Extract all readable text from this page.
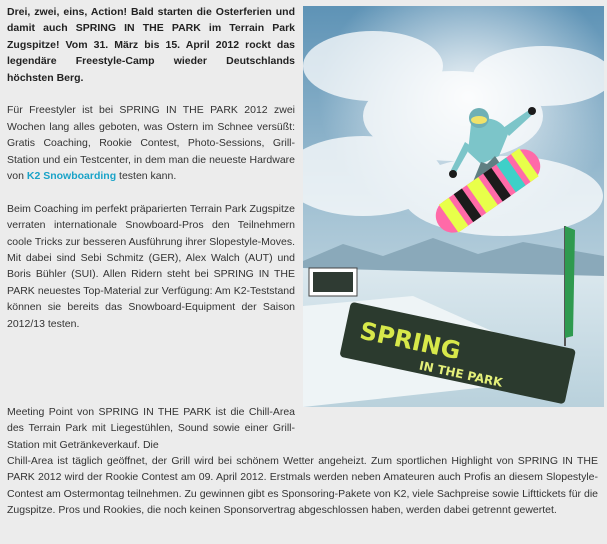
Drei, zwei, eins, Action! Bald starten die Osterferien und damit auch SPRING IN THE PARK im Terrain Park Zugspitze! Vom 31. März bis 15. April 2012 rockt das legendäre Freestyle-Camp wieder Deutschlands höchsten Berg.

Für Freestyler ist bei SPRING IN THE PARK 2012 zwei Wochen lang alles geboten, was Ostern im Schnee versüßt: Gratis Coaching, Rookie Contest, Photo-Sessions, Grill-Station und ein Testcenter, in dem man die neueste Hardware von K2 Snowboarding testen kann.

Beim Coaching im perfekt präparierten Terrain Park Zugspitze verraten internationale Snowboard-Pros den Teilnehmern coole Tricks zur besseren Ausführung ihrer Slopestyle-Moves. Mit dabei sind Sebi Schmitz (GER), Alex Walch (AUT) und Boris Bühler (SUI). Allen Ridern steht bei SPRING IN THE PARK neuestes Top-Material zur Verfügung: Am K2-Teststand können sie bereits das Snowboard-Equipment der Saison 2012/13 testen.

Meeting Point von SPRING IN THE PARK ist die Chill-Area des Terrain Park mit Liegestühlen, Sound sowie einer Grill-Station mit Getränkeverkauf. Die

Chill-Area ist täglich geöffnet, der Grill wird bei schönem Wetter angeheizt. Zum sportlichen Highlight von SPRING IN THE PARK 2012 wird der Rookie Contest am 09. April 2012. Erstmals werden neben Amateuren auch Profis an diesem Slopestyle-Contest am Ostermontag teilnehmen. Zu gewinnen gibt es Sponsoring-Pakete von K2, viele Sachpreise sowie Lifttickets für die Zugspitze. Pros und Rookies, die noch keinen Sponsorvertrag abgeschlossen haben, werden dabei getrennt gewertet.

SPRING
IN THE PARK
